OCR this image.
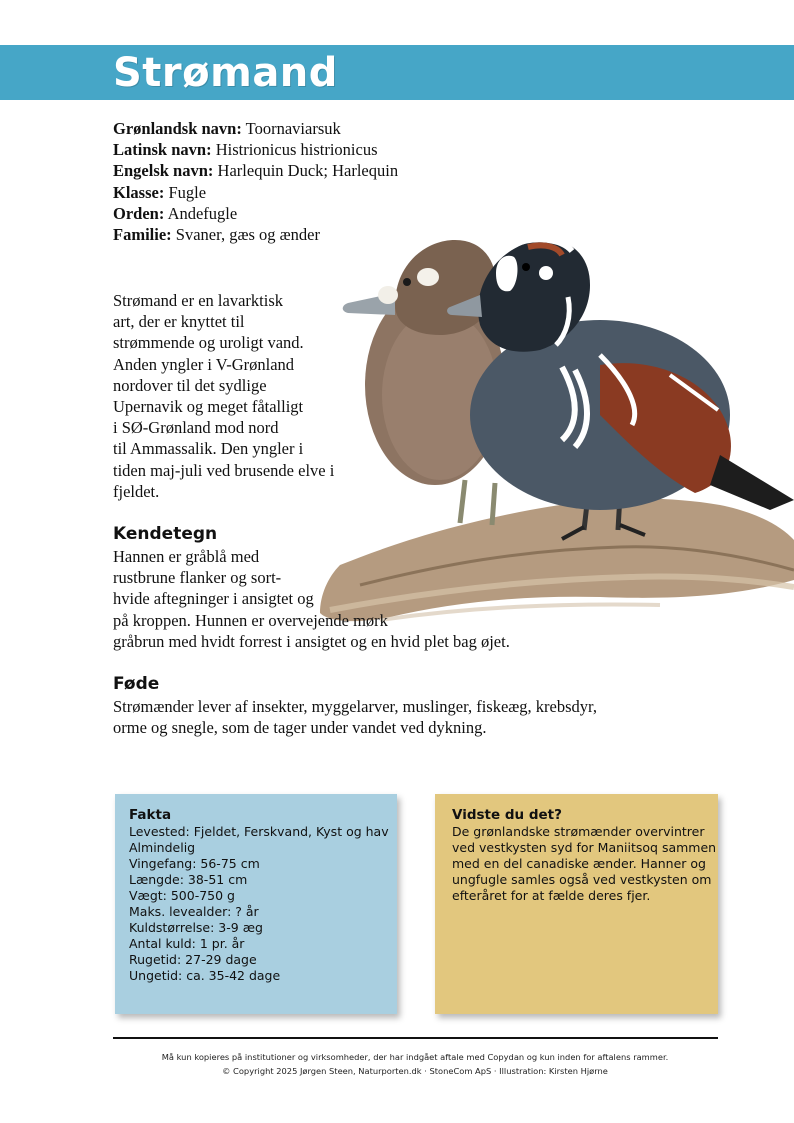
Strømand
Grønlandsk navn: Toornaviarsuk
Latinsk navn: Histrionicus histrionicus
Engelsk navn: Harlequin Duck; Harlequin
Klasse: Fugle
Orden: Andefugle
Familie: Svaner, gæs og ænder
Strømand er en lavarktisk
art, der er knyttet til
strømmende og uroligt vand.
Anden yngler i V-Grønland
nordover til det sydlige
Upernavik og meget fåtalligt
i SØ-Grønland mod nord
til Ammassalik. Den yngler i
tiden maj-juli ved brusende elve i
fjeldet.
Kendetegn
Hannen er gråblå med
rustbrune flanker og sort-
hvide aftegninger i ansigtet og
på kroppen. Hunnen er overvejende mørk
gråbrun med hvidt forrest i ansigtet og en hvid plet bag øjet.
Føde
Strømænder lever af insekter, myggelarver, muslinger, fiskeæg, krebsdyr,
orme og snegle, som de tager under vandet ved dykning.
Fakta
Levested: Fjeldet, Ferskvand, Kyst og hav
Almindelig
Vingefang: 56-75 cm
Længde: 38-51 cm
Vægt: 500-750 g
Maks. levealder: ? år
Kuldstørrelse: 3-9 æg
Antal kuld: 1 pr. år
Rugetid: 27-29 dage
Ungetid: ca. 35-42 dage
Vidste du det?
De grønlandske strømænder overvintrer
ved vestkysten syd for Maniitsoq sammen
med en del canadiske ænder. Hanner og
ungfugle samles også ved vestkysten om
efteråret for at fælde deres fjer.
Må kun kopieres på institutioner og virksomheder, der har indgået aftale med Copydan og kun inden for aftalens rammer.
© Copyright 2025 Jørgen Steen, Naturporten.dk · StoneCom ApS · Illustration: Kirsten Hjørne
